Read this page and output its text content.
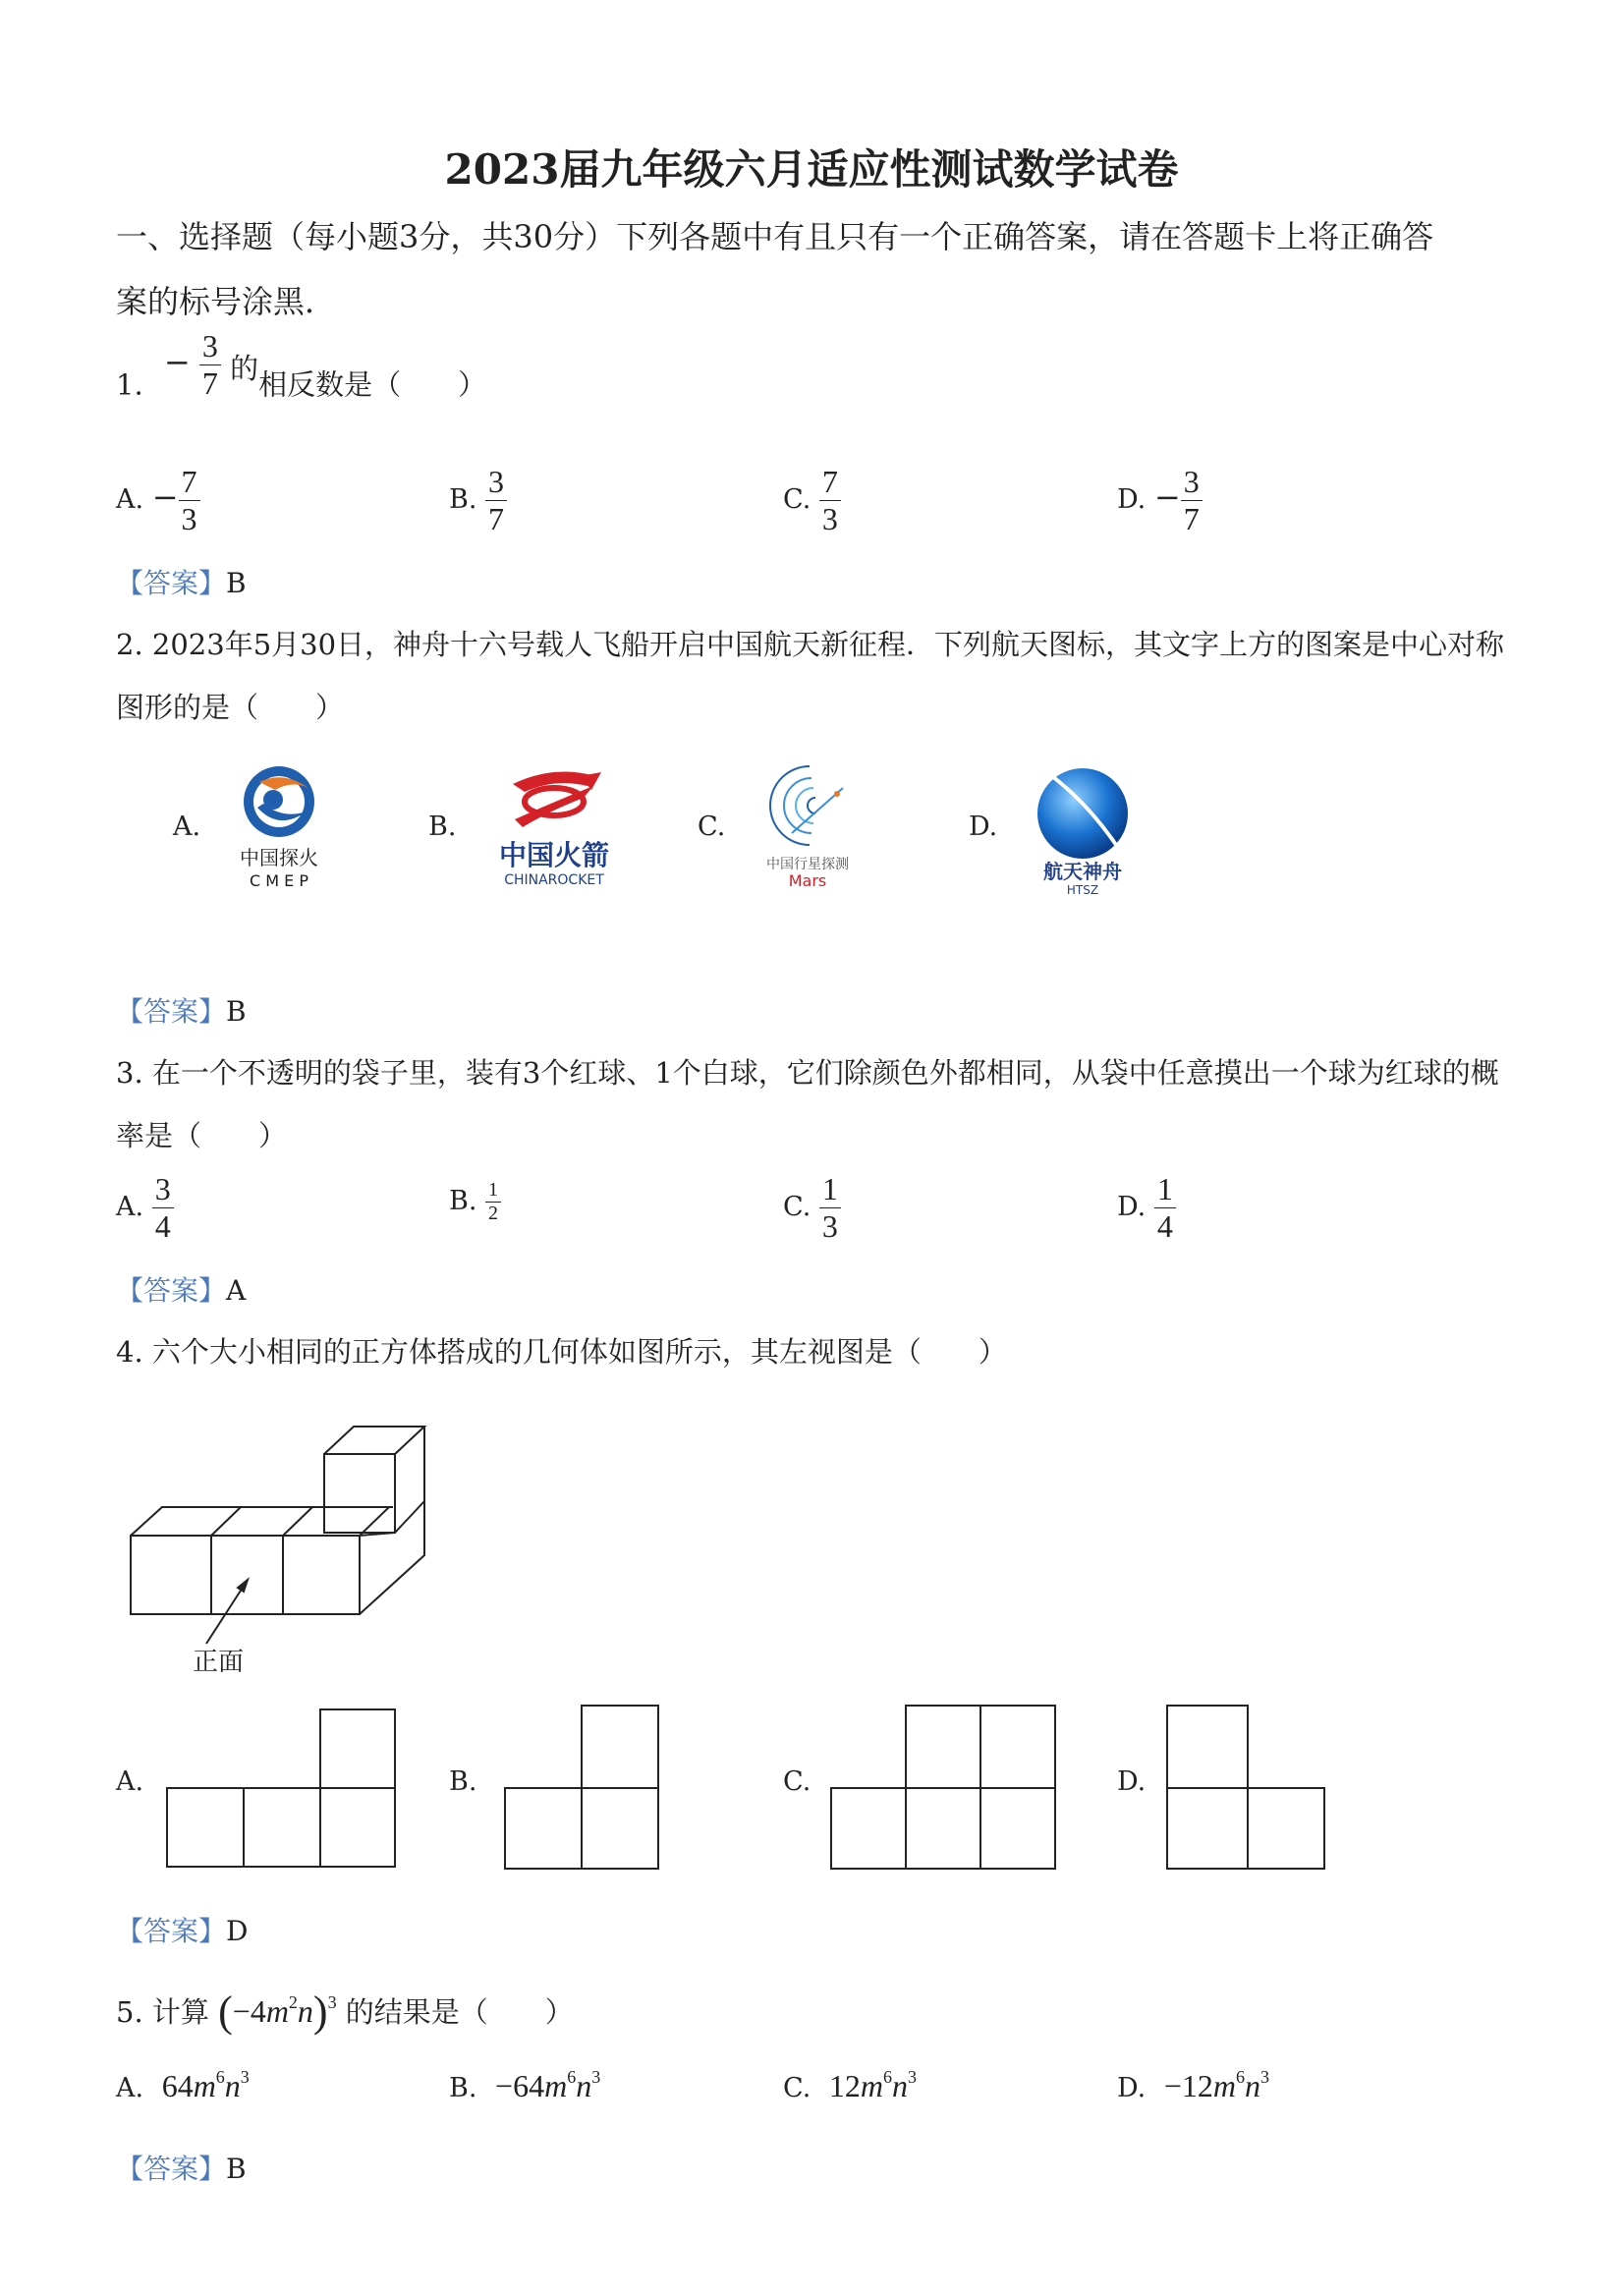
2023届九年级六月适应性测试数学试卷
一、选择题（每小题3分，共30分）下列各题中有且只有一个正确答案，请在答题卡上将正确答
案的标号涂黑．
1. − $\frac{3}{7}$ 的相反数是（　　）
A. − $\frac{7}{3}$	B. $\frac{3}{7}$	C. $\frac{7}{3}$	D. − $\frac{3}{7}$
【答案】B
2. 2023年5月30日，神舟十六号载人飞船开启中国航天新征程．下列航天图标，其文字上方的图案是中心对称
图形的是（　　）
A.
中国探火
C M E P
B.
中国火箭
CHINAROCKET
C.
中国行星探测
Mars
D.
航天神舟
HTSZ
【答案】B
3. 在一个不透明的袋子里，装有3个红球、1个白球，它们除颜色外都相同，从袋中任意摸出一个球为红球的概
率是（　　）
A. $\frac{3}{4}$	B. $\frac{1}{2}$	C. $\frac{1}{3}$	D. $\frac{1}{4}$
【答案】A
4. 六个大小相同的正方体搭成的几何体如图所示，其左视图是（　　）
正面
A.	B.	C.	D.
【答案】D
5. 计算 $(-4m^2n)^3$ 的结果是（　　）
A. $64m^6n^3$	B. $-64m^6n^3$	C. $12m^6n^3$	D. $-12m^6n^3$
【答案】B
